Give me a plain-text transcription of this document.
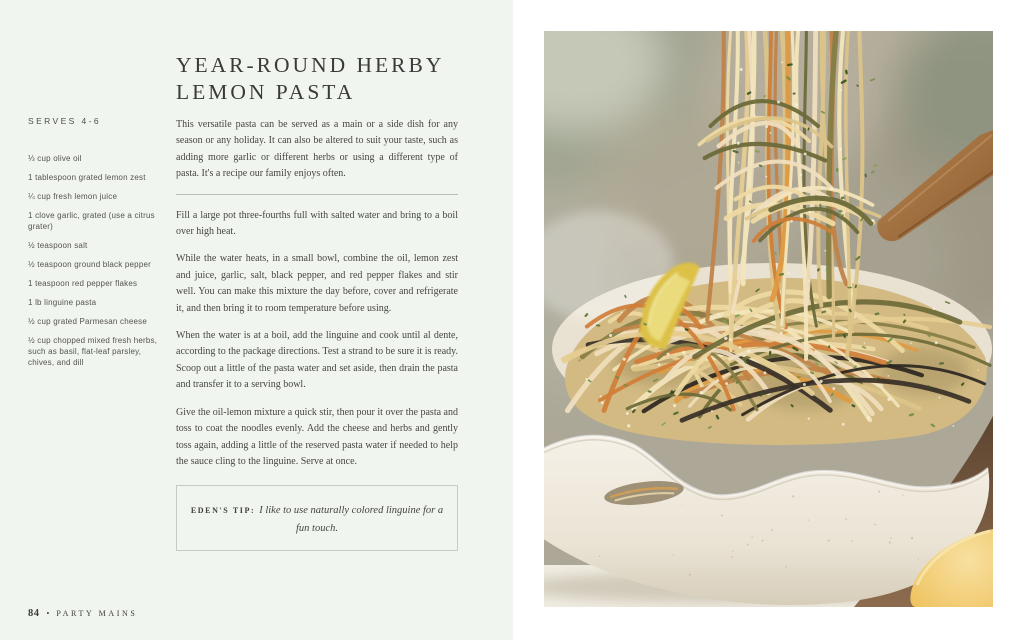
SERVES 4-6
⅓ cup olive oil
1 tablespoon grated lemon zest
¼ cup fresh lemon juice
1 clove garlic, grated (use a citrus grater)
½ teaspoon salt
½ teaspoon ground black pepper
1 teaspoon red pepper flakes
1 lb linguine pasta
½ cup grated Parmesan cheese
½ cup chopped mixed fresh herbs, such as basil, flat-leaf parsley, chives, and dill
YEAR-ROUND HERBY
LEMON PASTA

This versatile pasta can be served as a main or a side dish for any season or any holiday. It can also be altered to suit your taste, such as adding more garlic or different herbs or using a different type of pasta. It's a recipe our family enjoys often.

Fill a large pot three-fourths full with salted water and bring to a boil over high heat.

While the water heats, in a small bowl, combine the oil, lemon zest and juice, garlic, salt, black pepper, and red pepper flakes and stir well. You can make this mixture the day before, cover and refrigerate it, and then bring it to room temperature before using.

When the water is at a boil, add the linguine and cook until al dente, according to the package directions. Test a strand to be sure it is ready. Scoop out a little of the pasta water and set aside, then drain the pasta and transfer it to a serving bowl.

Give the oil-lemon mixture a quick stir, then pour it over the pasta and toss to coat the noodles evenly. Add the cheese and herbs and gently toss again, adding a little of the reserved pasta water if needed to help the sauce cling to the linguine. Serve at once.

EDEN'S TIP: I like to use naturally colored linguine for a fun touch.
84 • PARTY MAINS
